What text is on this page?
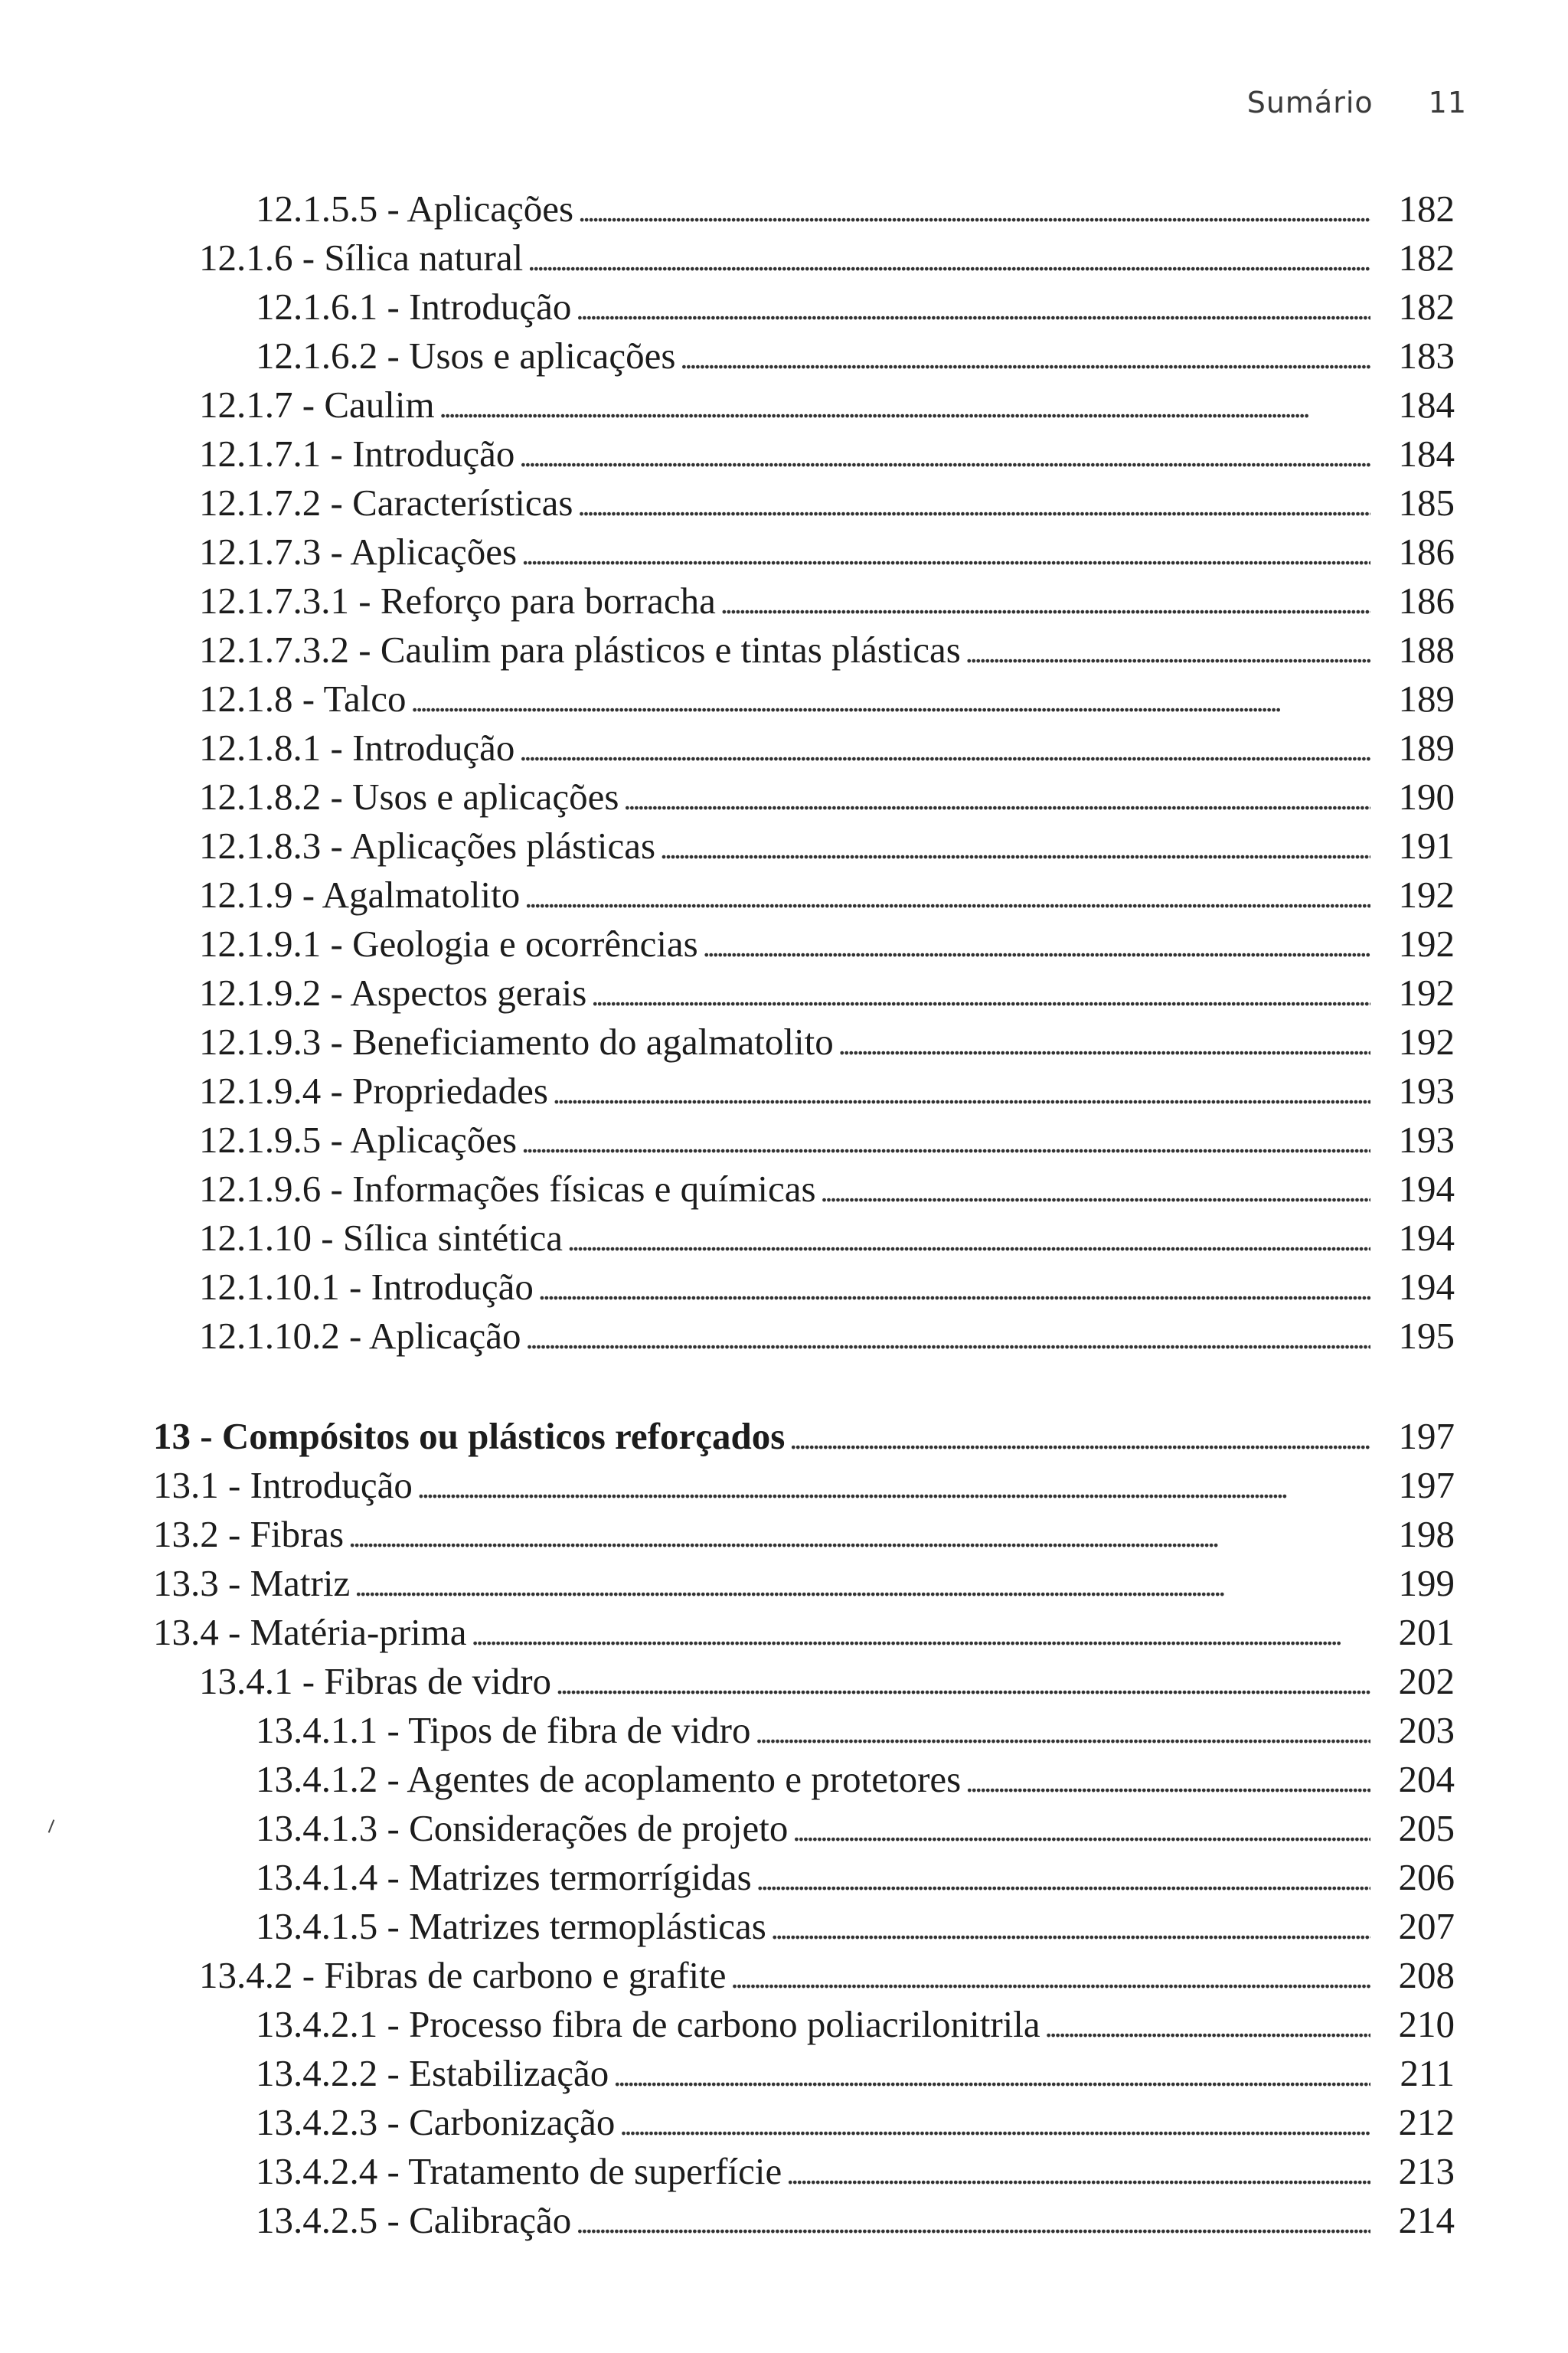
Sumário 11
12.1.5.5 - Aplicações . . .	182
12.1.6 - Sílica natural . . .	182
12.1.6.1 - Introdução . . .	182
12.1.6.2 - Usos e aplicações . . .	183
12.1.7 - Caulim . . .	184
12.1.7.1 - Introdução . . .	184
12.1.7.2 - Características . . .	185
12.1.7.3 - Aplicações . . .	186
12.1.7.3.1 - Reforço para borracha . . .	186
12.1.7.3.2 - Caulim para plásticos e tintas plásticas . . .	188
12.1.8 - Talco . . .	189
12.1.8.1 - Introdução . . .	189
12.1.8.2 - Usos e aplicações . . .	190
12.1.8.3 - Aplicações plásticas . . .	191
12.1.9 - Agalmatolito . . .	192
12.1.9.1 - Geologia e ocorrências . . .	192
12.1.9.2 - Aspectos gerais . . .	192
12.1.9.3 - Beneficiamento do agalmatolito . . .	192
12.1.9.4 - Propriedades . . .	193
12.1.9.5 - Aplicações . . .	193
12.1.9.6 - Informações físicas e químicas . . .	194
12.1.10 - Sílica sintética . . .	194
12.1.10.1 - Introdução . . .	194
12.1.10.2 - Aplicação . . .	195
13 - Compósitos ou plásticos reforçados . . .	197
13.1 - Introdução . . .	197
13.2 - Fibras . . .	198
13.3 - Matriz . . .	199
13.4 - Matéria-prima . . .	201
13.4.1 - Fibras de vidro . . .	202
13.4.1.1 - Tipos de fibra de vidro . . .	203
13.4.1.2 - Agentes de acoplamento e protetores . . .	204
13.4.1.3 - Considerações de projeto . . .	205
13.4.1.4 - Matrizes termorrígidas . . .	206
13.4.1.5 - Matrizes termoplásticas . . .	207
13.4.2 - Fibras de carbono e grafite . . .	208
13.4.2.1 - Processo fibra de carbono poliacrilonitrila . . .	210
13.4.2.2 - Estabilização . . .	211
13.4.2.3 - Carbonização . . .	212
13.4.2.4 - Tratamento de superfície . . .	213
13.4.2.5 - Calibração . . .	214
